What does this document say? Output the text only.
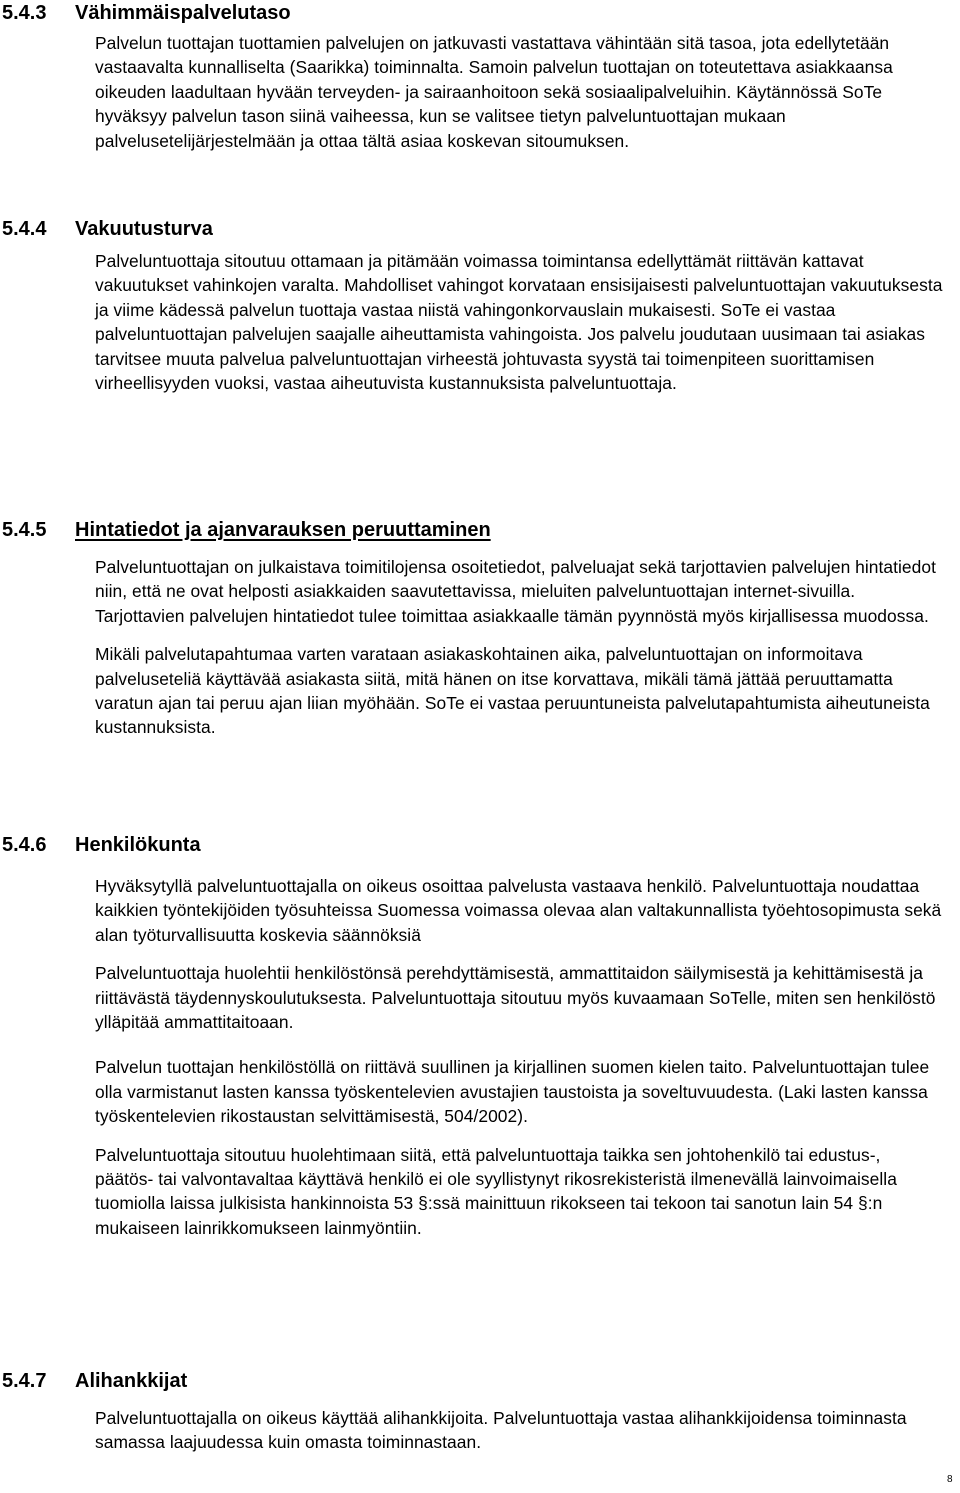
5.4.3 Vähimmäispalvelutaso

Palvelun tuottajan tuottamien palvelujen on jatkuvasti vastattava vähintään sitä tasoa, jota edellytetään vastaavalta kunnalliselta (Saarikka) toiminnalta. Samoin palvelun tuottajan on toteutettava asiakkaansa oikeuden laadultaan hyvään terveyden- ja sairaanhoitoon sekä sosiaalipalveluihin. Käytännössä SoTe hyväksyy palvelun tason siinä vaiheessa, kun se valitsee tietyn palveluntuottajan mukaan palvelusetelijärjestelmään ja ottaa tältä asiaa koskevan sitoumuksen.

5.4.4 Vakuutusturva

Palveluntuottaja sitoutuu ottamaan ja pitämään voimassa toimintansa edellyttämät riittävän kattavat vakuutukset vahinkojen varalta. Mahdolliset vahingot korvataan ensisijaisesti palveluntuottajan vakuutuksesta ja viime kädessä palvelun tuottaja vastaa niistä vahingonkorvauslain mukaisesti. SoTe ei vastaa palveluntuottajan palvelujen saajalle aiheuttamista vahingoista. Jos palvelu joudutaan uusimaan tai asiakas tarvitsee muuta palvelua palveluntuottajan virheestä johtuvasta syystä tai toimenpiteen suorittamisen virheellisyyden vuoksi, vastaa aiheutuvista kustannuksista palveluntuottaja.

5.4.5 Hintatiedot ja ajanvarauksen peruuttaminen

Palveluntuottajan on julkaistava toimitilojensa osoitetiedot, palveluajat sekä tarjottavien palvelujen hintatiedot niin, että ne ovat helposti asiakkaiden saavutettavissa, mieluiten palveluntuottajan internet-sivuilla. Tarjottavien palvelujen hintatiedot tulee toimittaa asiakkaalle tämän pyynnöstä myös kirjallisessa muodossa.

Mikäli palvelutapahtumaa varten varataan asiakaskohtainen aika, palveluntuottajan on informoitava palveluseteliä käyttävää asiakasta siitä, mitä hänen on itse korvattava, mikäli tämä jättää peruuttamatta varatun ajan tai peruu ajan liian myöhään. SoTe ei vastaa peruuntuneista palvelutapahtumista aiheutuneista kustannuksista.

5.4.6 Henkilökunta

Hyväksytyllä palveluntuottajalla on oikeus osoittaa palvelusta vastaava henkilö. Palveluntuottaja noudattaa kaikkien työntekijöiden työsuhteissa Suomessa voimassa olevaa alan valtakunnallista työehtosopimusta sekä alan työturvallisuutta koskevia säännöksiä

Palveluntuottaja huolehtii henkilöstönsä perehdyttämisestä, ammattitaidon säilymisestä ja kehittämisestä ja riittävästä täydennyskoulutuksesta. Palveluntuottaja sitoutuu myös kuvaamaan SoTelle, miten sen henkilöstö ylläpitää ammattitaitoaan.

Palvelun tuottajan henkilöstöllä on riittävä suullinen ja kirjallinen suomen kielen taito. Palveluntuottajan tulee olla varmistanut lasten kanssa työskentelevien avustajien taustoista ja soveltuvuudesta. (Laki lasten kanssa työskentelevien rikostaustan selvittämisestä, 504/2002).

Palveluntuottaja sitoutuu huolehtimaan siitä, että palveluntuottaja taikka sen johtohenkilö tai edustus-, päätös- tai valvontavaltaa käyttävä henkilö ei ole syyllistynyt rikosrekisteristä ilmenevällä lainvoimaisella tuomiolla laissa julkisista hankinnoista 53 §:ssä mainittuun rikokseen tai tekoon tai sanotun lain 54 §:n mukaiseen lainrikkomukseen lainmyöntiin.

5.4.7 Alihankkijat

Palveluntuottajalla on oikeus käyttää alihankkijoita. Palveluntuottaja vastaa alihankkijoidensa toiminnasta samassa laajuudessa kuin omasta toiminnastaan.

8
